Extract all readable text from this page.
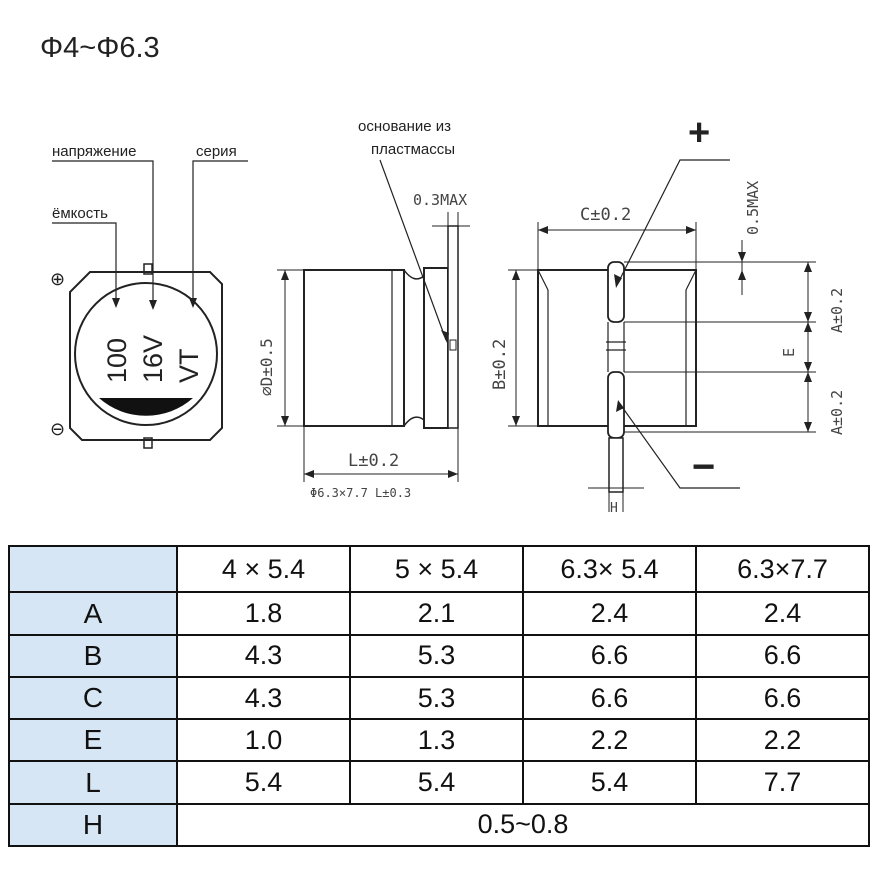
Φ4~Φ6.3
⊕
⊖
100 16V VT
напряжение	серия
ёмкость
0.3MAX
основание из
пластмассы
⌀D±0.5
L±0.2
Φ6.3×7.7 L±0.3
B±0.2
C±0.2	0.5MAX
A±0.2
E
A±0.2
H
+
−
	4 × 5.4	5 × 5.4	6.3× 5.4	6.3×7.7
A	1.8	2.1	2.4	2.4
B	4.3	5.3	6.6	6.6
C	4.3	5.3	6.6	6.6
E	1.0	1.3	2.2	2.2
L	5.4	5.4	5.4	7.7
H	0.5~0.8			
